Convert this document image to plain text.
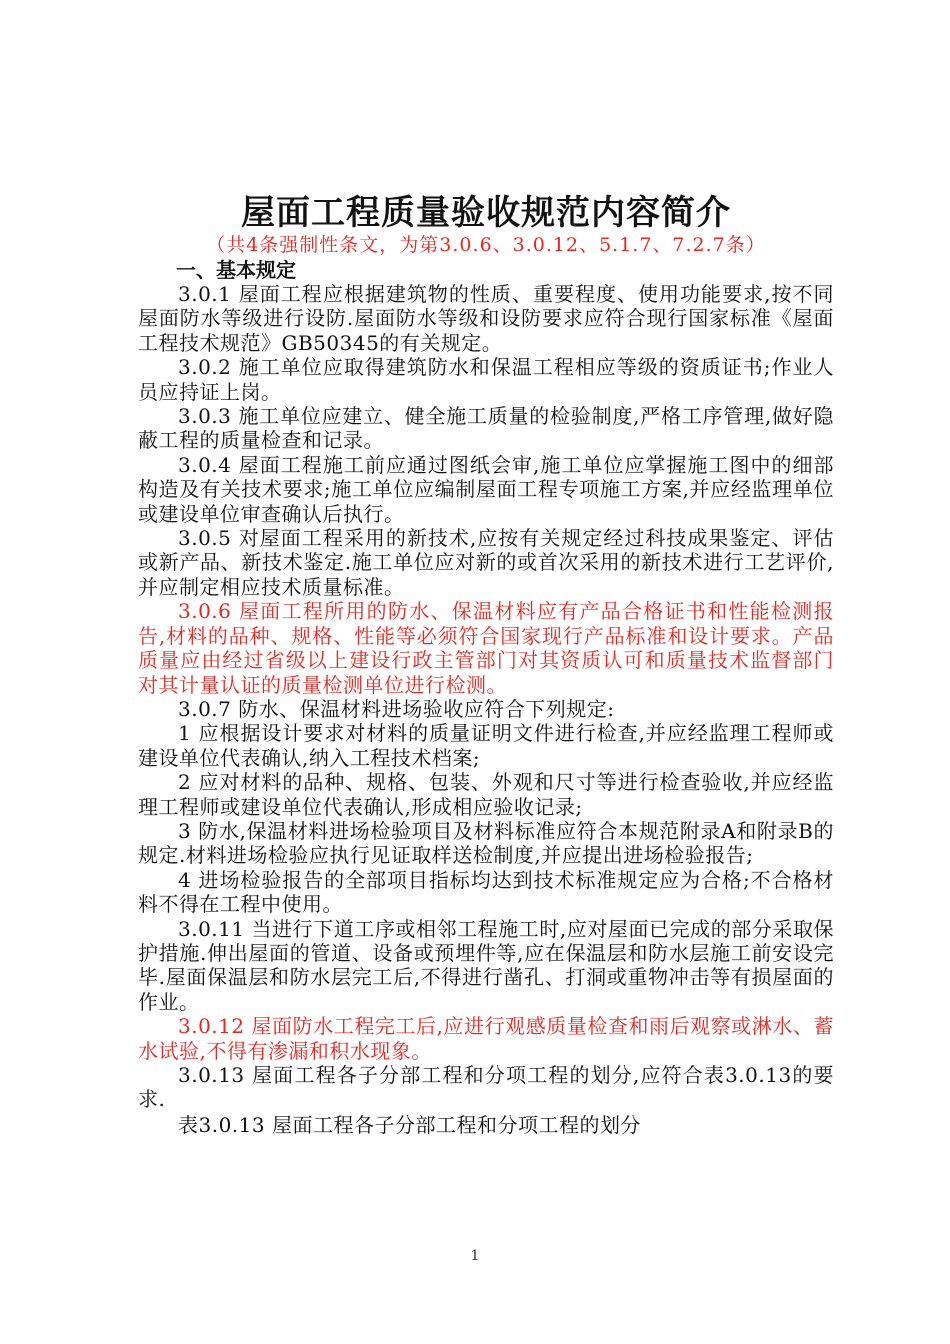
屋面工程质量验收规范内容简介
（共4条强制性条文，为第3.0.6、3.0.12、5.1.7、7.2.7条）
一、基本规定

3.0.1 屋面工程应根据建筑物的性质、重要程度、使用功能要求,按不同屋面防水等级进行设防.屋面防水等级和设防要求应符合现行国家标准《屋面工程技术规范》GB50345的有关规定。

3.0.2 施工单位应取得建筑防水和保温工程相应等级的资质证书;作业人员应持证上岗。

3.0.3 施工单位应建立、健全施工质量的检验制度,严格工序管理,做好隐蔽工程的质量检查和记录。

3.0.4 屋面工程施工前应通过图纸会审,施工单位应掌握施工图中的细部构造及有关技术要求;施工单位应编制屋面工程专项施工方案,并应经监理单位或建设单位审查确认后执行。

3.0.5 对屋面工程采用的新技术,应按有关规定经过科技成果鉴定、评估或新产品、新技术鉴定.施工单位应对新的或首次采用的新技术进行工艺评价,并应制定相应技术质量标准。

3.0.6 屋面工程所用的防水、保温材料应有产品合格证书和性能检测报告,材料的品种、规格、性能等必须符合国家现行产品标准和设计要求。产品质量应由经过省级以上建设行政主管部门对其资质认可和质量技术监督部门对其计量认证的质量检测单位进行检测。

3.0.7 防水、保温材料进场验收应符合下列规定:

1 应根据设计要求对材料的质量证明文件进行检查,并应经监理工程师或建设单位代表确认,纳入工程技术档案;

2 应对材料的品种、规格、包装、外观和尺寸等进行检查验收,并应经监理工程师或建设单位代表确认,形成相应验收记录;

3 防水,保温材料进场检验项目及材料标准应符合本规范附录A和附录B的规定.材料进场检验应执行见证取样送检制度,并应提出进场检验报告;

4 进场检验报告的全部项目指标均达到技术标准规定应为合格;不合格材料不得在工程中使用。

3.0.11 当进行下道工序或相邻工程施工时,应对屋面已完成的部分采取保护措施.伸出屋面的管道、设备或预埋件等,应在保温层和防水层施工前安设完毕.屋面保温层和防水层完工后,不得进行凿孔、打洞或重物冲击等有损屋面的作业。

3.0.12 屋面防水工程完工后,应进行观感质量检查和雨后观察或淋水、蓄水试验,不得有渗漏和积水现象。

3.0.13 屋面工程各子分部工程和分项工程的划分,应符合表3.0.13的要求.

表3.0.13 屋面工程各子分部工程和分项工程的划分

1
